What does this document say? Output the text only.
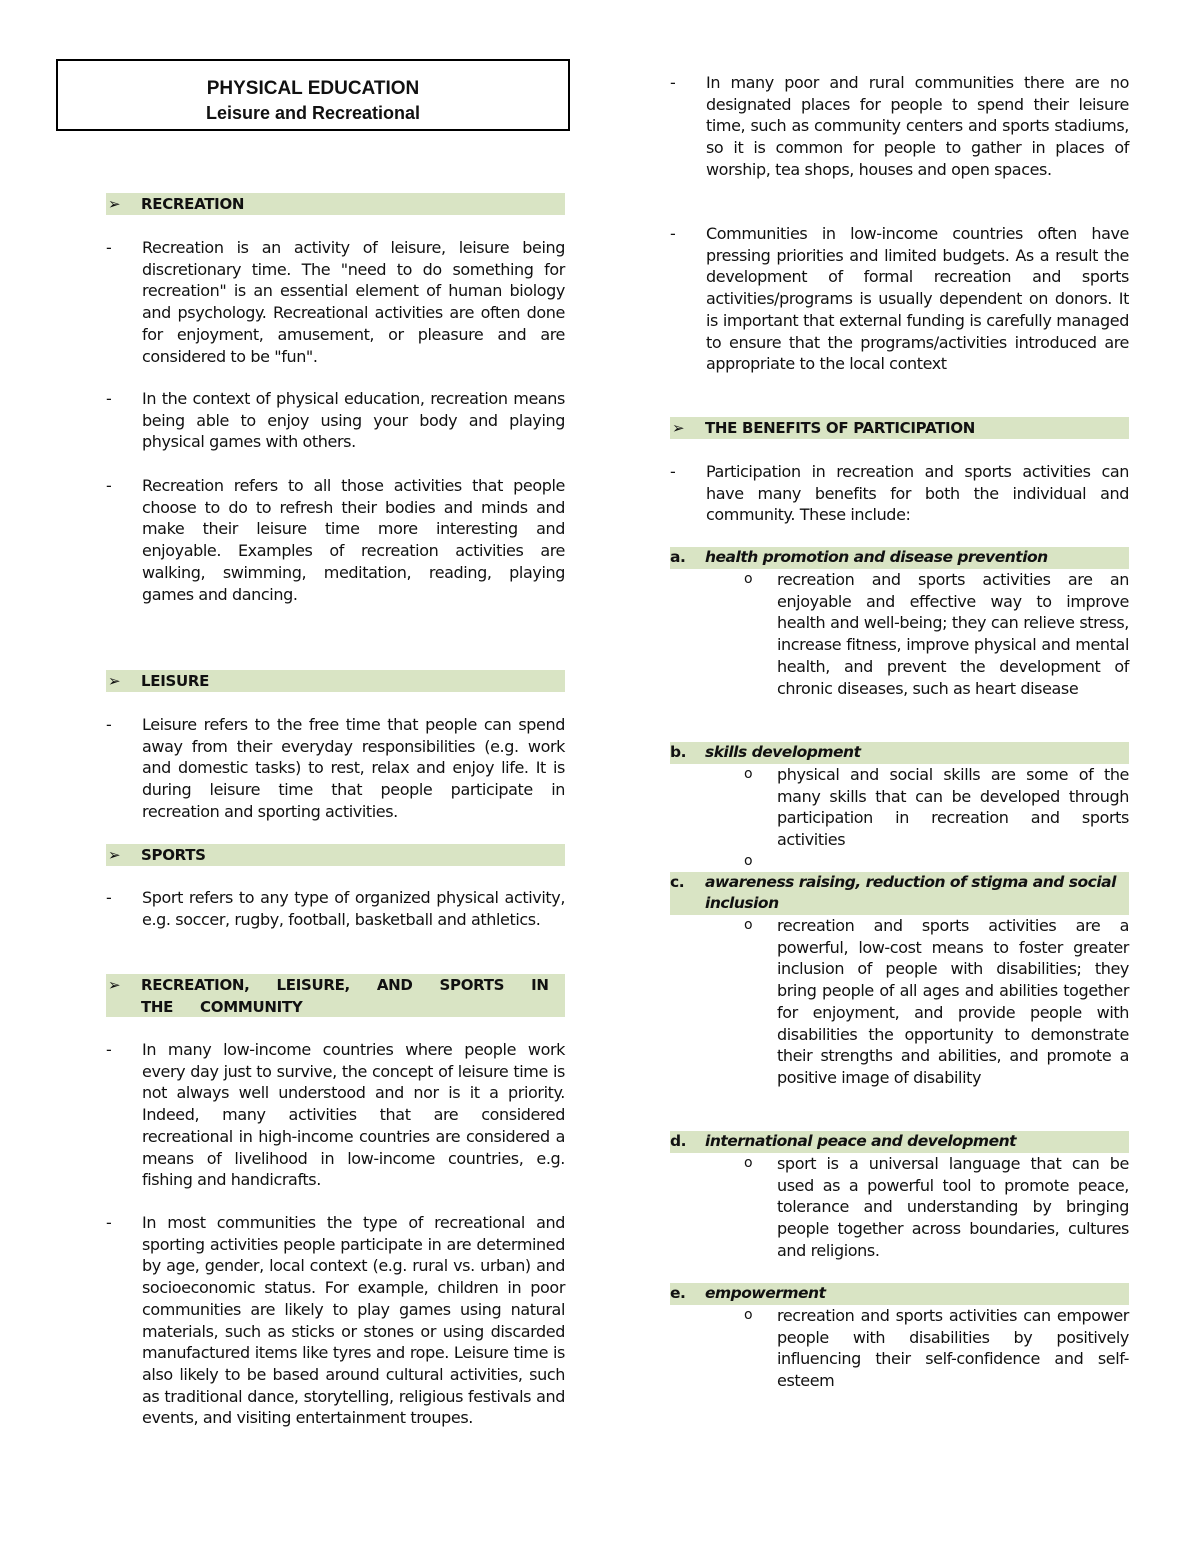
PHYSICAL EDUCATION
Leisure and Recreational
➢	RECREATION
- Recreation is an activity of leisure, leisure being discretionary time. The "need to do something for recreation" is an essential element of human biology and psychology. Recreational activities are often done for enjoyment, amusement, or pleasure and are considered to be "fun".
- In the context of physical education, recreation means being able to enjoy using your body and playing physical games with others.
- Recreation refers to all those activities that people choose to do to refresh their bodies and minds and make their leisure time more interesting and enjoyable. Examples of recreation activities are walking, swimming, meditation, reading, playing games and dancing.
➢	LEISURE
- Leisure refers to the free time that people can spend away from their everyday responsibilities (e.g. work and domestic tasks) to rest, relax and enjoy life. It is during leisure time that people participate in recreation and sporting activities.
➢	SPORTS
- Sport refers to any type of organized physical activity, e.g. soccer, rugby, football, basketball and athletics.
➢	RECREATION, LEISURE, AND SPORTS IN THE COMMUNITY
- In many low-income countries where people work every day just to survive, the concept of leisure time is not always well understood and nor is it a priority. Indeed, many activities that are considered recreational in high-income countries are considered a means of livelihood in low-income countries, e.g. fishing and handicrafts.
- In most communities the type of recreational and sporting activities people participate in are determined by age, gender, local context (e.g. rural vs. urban) and socioeconomic status. For example, children in poor communities are likely to play games using natural materials, such as sticks or stones or using discarded manufactured items like tyres and rope. Leisure time is also likely to be based around cultural activities, such as traditional dance, storytelling, religious festivals and events, and visiting entertainment troupes.
- In many poor and rural communities there are no designated places for people to spend their leisure time, such as community centers and sports stadiums, so it is common for people to gather in places of worship, tea shops, houses and open spaces.
- Communities in low-income countries often have pressing priorities and limited budgets. As a result the development of formal recreation and sports activities/programs is usually dependent on donors. It is important that external funding is carefully managed to ensure that the programs/activities introduced are appropriate to the local context
➢	THE BENEFITS OF PARTICIPATION
- Participation in recreation and sports activities can have many benefits for both the individual and community. These include:
a. health promotion and disease prevention
o recreation and sports activities are an enjoyable and effective way to improve health and well-being; they can relieve stress, increase fitness, improve physical and mental health, and prevent the development of chronic diseases, such as heart disease
b. skills development
o physical and social skills are some of the many skills that can be developed through participation in recreation and sports activities
o
c. awareness raising, reduction of stigma and social inclusion
o recreation and sports activities are a powerful, low-cost means to foster greater inclusion of people with disabilities; they bring people of all ages and abilities together for enjoyment, and provide people with disabilities the opportunity to demonstrate their strengths and abilities, and promote a positive image of disability
d. international peace and development
o sport is a universal language that can be used as a powerful tool to promote peace, tolerance and understanding by bringing people together across boundaries, cultures and religions.
e. empowerment
o recreation and sports activities can empower people with disabilities by positively influencing their self-confidence and self-esteem
